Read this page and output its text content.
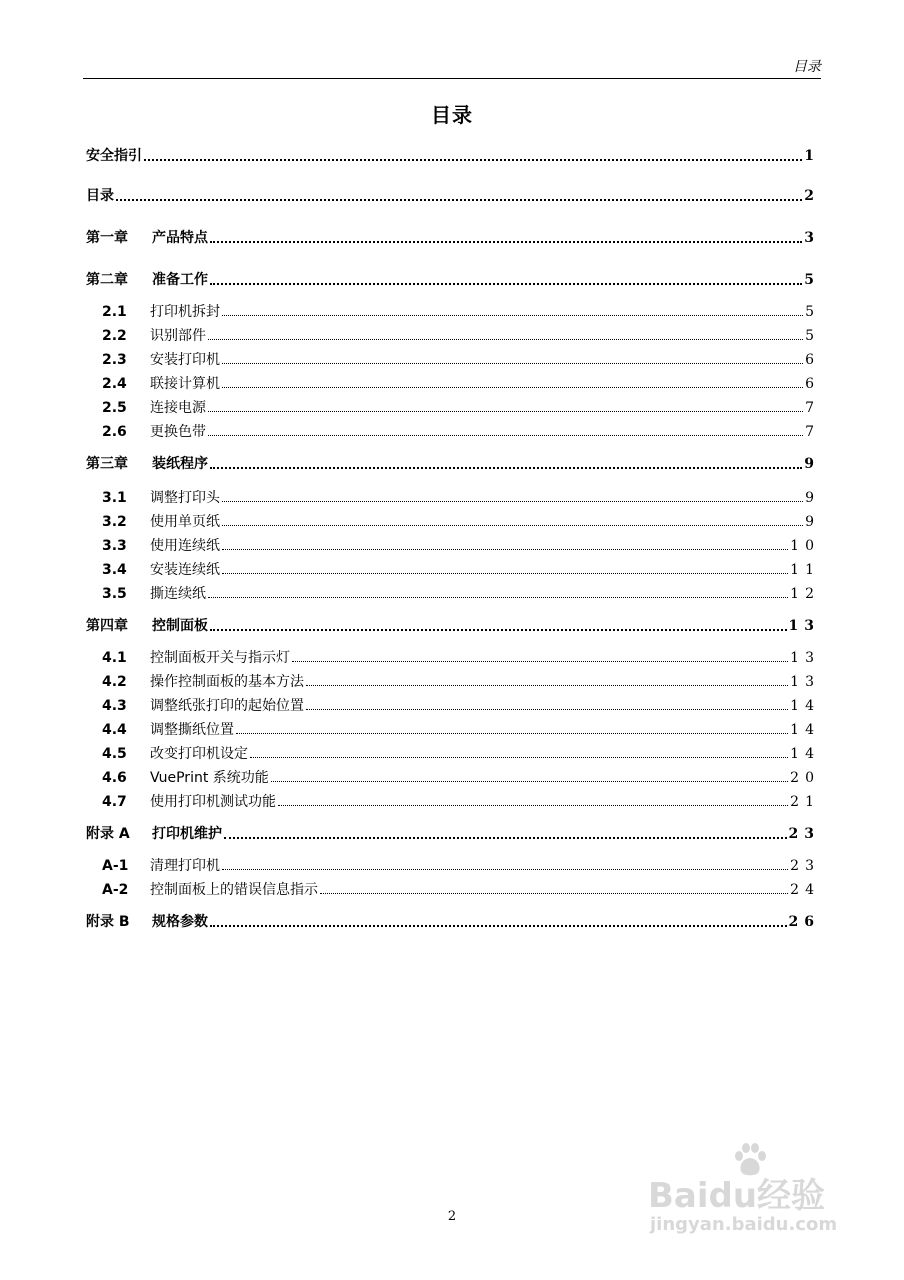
目录
目录
安全指引	1
目录	2
第一章	产品特点	3
第二章	准备工作	5
2.1	打印机拆封	5
2.2	识别部件	5
2.3	安装打印机	6
2.4	联接计算机	6
2.5	连接电源	7
2.6	更换色带	7
第三章	装纸程序	9
3.1	调整打印头	9
3.2	使用单页纸	9
3.3	使用连续纸	10
3.4	安装连续纸	11
3.5	撕连续纸	12
第四章	控制面板	13
4.1	控制面板开关与指示灯	13
4.2	操作控制面板的基本方法	13
4.3	调整纸张打印的起始位置	14
4.4	调整撕纸位置	14
4.5	改变打印机设定	14
4.6	VuePrint 系统功能	20
4.7	使用打印机测试功能	21
附录 A	打印机维护	23
A-1	清理打印机	23
A-2	控制面板上的错误信息指示	24
附录 B	规格参数	26
2
Baidu经验
jingyan.baidu.com
